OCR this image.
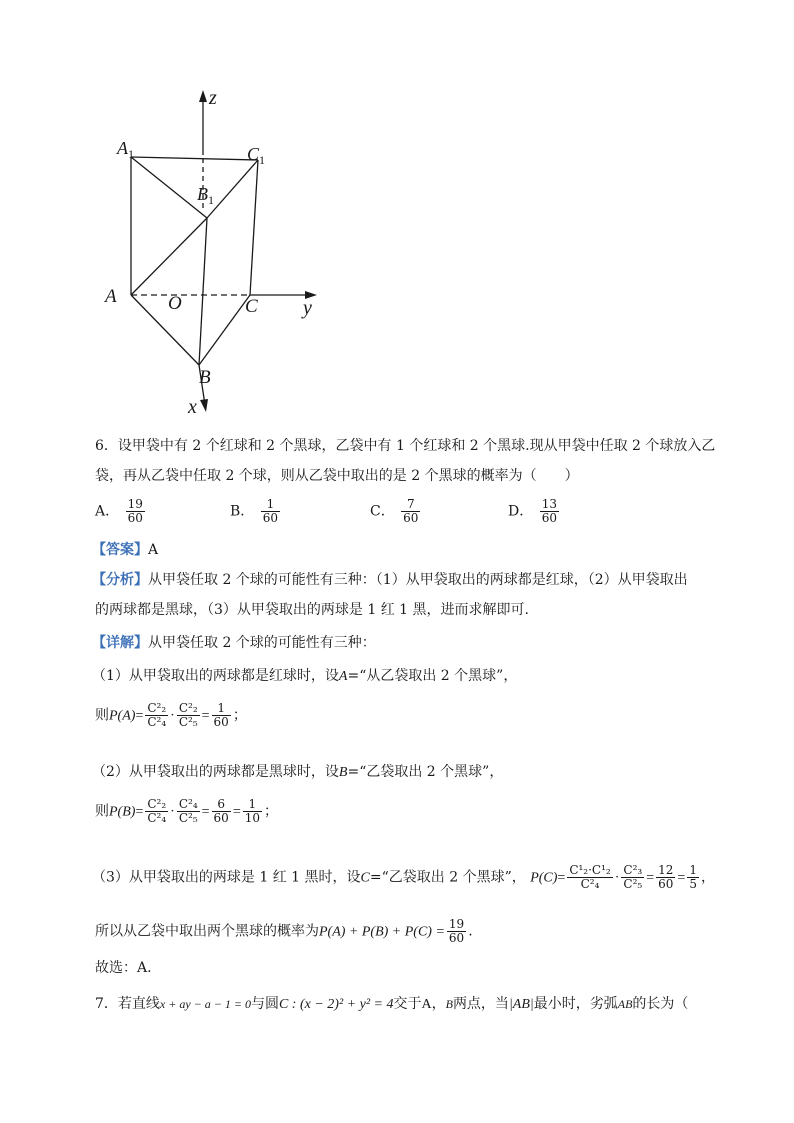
z
$A_1$	$C_1$
$B_1$
A	O	C y
B
x
6．设甲袋中有 2 个红球和 2 个黑球，乙袋中有 1 个红球和 2 个黑球.现从甲袋中任取 2 个球放入乙
袋，再从乙袋中任取 2 个球，则从乙袋中取出的是 2 个黑球的概率为（　　）
A． $\frac{19}{60}$	B． $\frac{1}{60}$	C． $\frac{7}{60}$	D． $\frac{13}{60}$
【答案】A
【分析】从甲袋任取 2 个球的可能性有三种：（1）从甲袋取出的两球都是红球，（2）从甲袋取出
的两球都是黑球，（3）从甲袋取出的两球是 1 红 1 黑，进而求解即可.
【详解】从甲袋任取 2 个球的可能性有三种：
（1）从甲袋取出的两球都是红球时，设A=“从乙袋取出 2 个黑球”，
则$P(A)= \frac{\text{C²₂}}{\text{C²₄}} \cdot \frac{\text{C²₂}}{\text{C²₅}} = \frac{1}{60}$ ；
（2）从甲袋取出的两球都是黑球时，设B=“乙袋取出 2 个黑球”，
则$P(B)= \frac{\text{C²₂}}{\text{C²₄}} \cdot \frac{\text{C²₄}}{\text{C²₅}} = \frac{6}{60} = \frac{1}{10}$ ；
（3）从甲袋取出的两球是 1 红 1 黑时，设C=“乙袋取出 2 个黑球”， $P(C)= \frac{\text{C¹₂·C¹₂}}{\text{C²₄}} \cdot \frac{\text{C²₃}}{\text{C²₅}} = \frac{12}{60} = \frac{1}{5}$ ，
所以从乙袋中取出两个黑球的概率为$P(A) + P(B) + P(C) = \frac{19}{60}$ .
故选：A.
7．若直线x + ay − a − 1 = 0与圆C : (x − 2)² + y² = 4交于A，B两点，当|AB|最小时，劣弧AB的长为（
